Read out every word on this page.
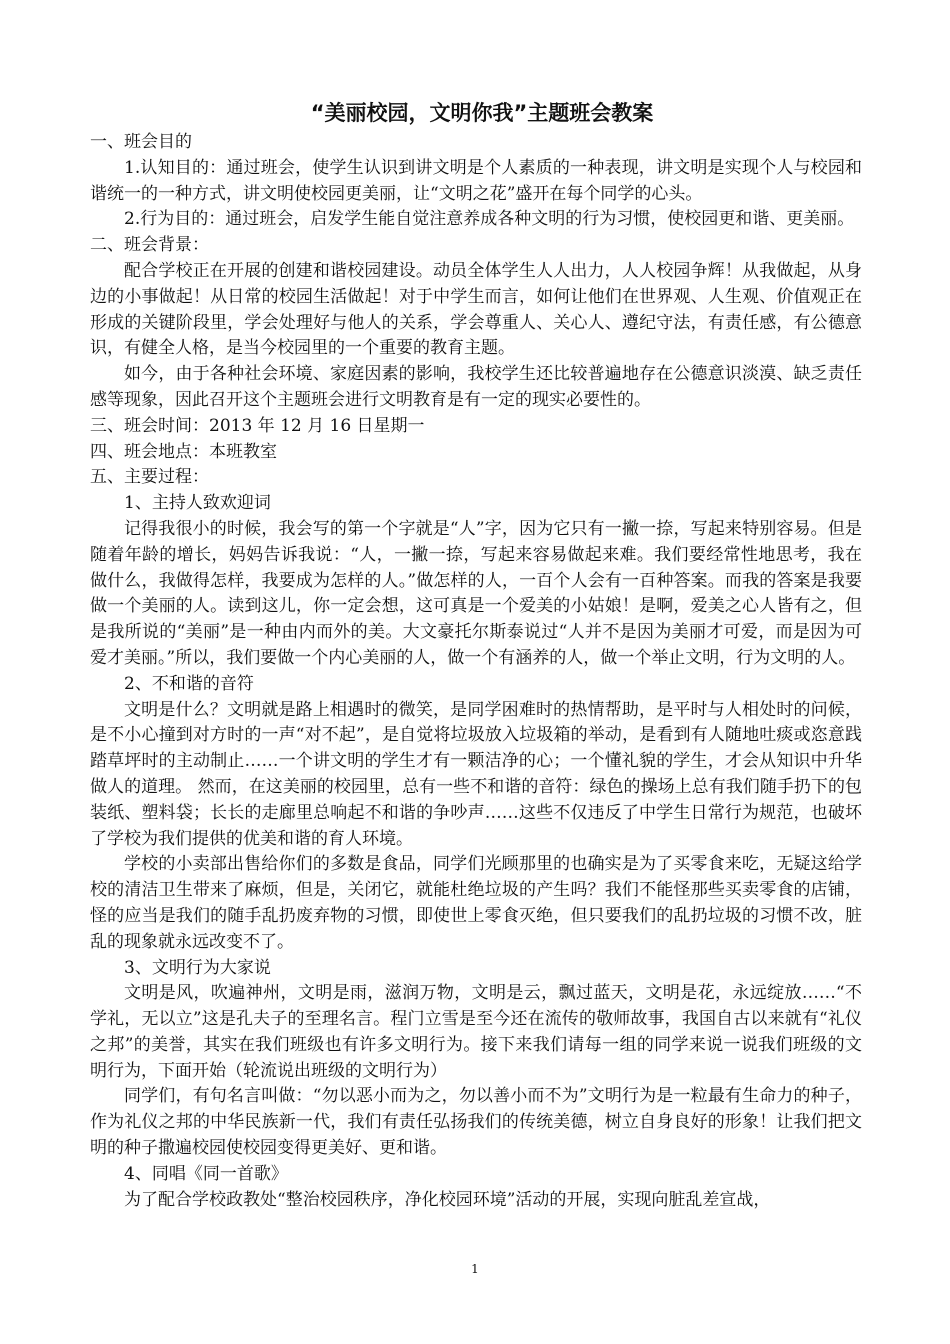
“美丽校园，文明你我”主题班会教案

一、班会目的

1.认知目的：通过班会，使学生认识到讲文明是个人素质的一种表现，讲文明是实现个人与校园和谐统一的一种方式，讲文明使校园更美丽，让“文明之花”盛开在每个同学的心头。

2.行为目的：通过班会，启发学生能自觉注意养成各种文明的行为习惯，使校园更和谐、更美丽。

二、班会背景：

配合学校正在开展的创建和谐校园建设。动员全体学生人人出力，人人校园争辉！从我做起，从身边的小事做起！从日常的校园生活做起！对于中学生而言，如何让他们在世界观、人生观、价值观正在形成的关键阶段里，学会处理好与他人的关系，学会尊重人、关心人、遵纪守法，有责任感，有公德意识，有健全人格，是当今校园里的一个重要的教育主题。

如今，由于各种社会环境、家庭因素的影响，我校学生还比较普遍地存在公德意识淡漠、缺乏责任感等现象，因此召开这个主题班会进行文明教育是有一定的现实必要性的。

三、班会时间：2013 年 12 月 16 日星期一

四、班会地点：本班教室

五、主要过程：

1、主持人致欢迎词

记得我很小的时候，我会写的第一个字就是“人”字，因为它只有一撇一捺，写起来特别容易。但是随着年龄的增长，妈妈告诉我说：“人，一撇一捺，写起来容易做起来难。我们要经常性地思考，我在做什么，我做得怎样，我要成为怎样的人。”做怎样的人，一百个人会有一百种答案。而我的答案是我要做一个美丽的人。读到这儿，你一定会想，这可真是一个爱美的小姑娘！是啊，爱美之心人皆有之，但是我所说的“美丽”是一种由内而外的美。大文豪托尔斯泰说过“人并不是因为美丽才可爱，而是因为可爱才美丽。”所以，我们要做一个内心美丽的人，做一个有涵养的人，做一个举止文明，行为文明的人。

2、不和谐的音符

文明是什么？文明就是路上相遇时的微笑，是同学困难时的热情帮助，是平时与人相处时的问候，是不小心撞到对方时的一声“对不起”，是自觉将垃圾放入垃圾箱的举动，是看到有人随地吐痰或恣意践踏草坪时的主动制止……一个讲文明的学生才有一颗洁净的心；一个懂礼貌的学生，才会从知识中升华做人的道理。 然而，在这美丽的校园里，总有一些不和谐的音符：绿色的操场上总有我们随手扔下的包装纸、塑料袋；长长的走廊里总响起不和谐的争吵声……这些不仅违反了中学生日常行为规范，也破坏了学校为我们提供的优美和谐的育人环境。

学校的小卖部出售给你们的多数是食品，同学们光顾那里的也确实是为了买零食来吃，无疑这给学校的清洁卫生带来了麻烦，但是，关闭它，就能杜绝垃圾的产生吗？我们不能怪那些买卖零食的店铺，怪的应当是我们的随手乱扔废弃物的习惯，即使世上零食灭绝，但只要我们的乱扔垃圾的习惯不改，脏乱的现象就永远改变不了。

3、文明行为大家说

文明是风，吹遍神州，文明是雨，滋润万物，文明是云，飘过蓝天，文明是花，永远绽放……“不学礼，无以立”这是孔夫子的至理名言。程门立雪是至今还在流传的敬师故事，我国自古以来就有“礼仪之邦”的美誉，其实在我们班级也有许多文明行为。接下来我们请每一组的同学来说一说我们班级的文明行为，下面开始（轮流说出班级的文明行为）

同学们，有句名言叫做：“勿以恶小而为之，勿以善小而不为”文明行为是一粒最有生命力的种子，作为礼仪之邦的中华民族新一代，我们有责任弘扬我们的传统美德，树立自身良好的形象！让我们把文明的种子撒遍校园使校园变得更美好、更和谐。

4、同唱《同一首歌》

为了配合学校政教处“整治校园秩序，净化校园环境”活动的开展，实现向脏乱差宣战，

1
